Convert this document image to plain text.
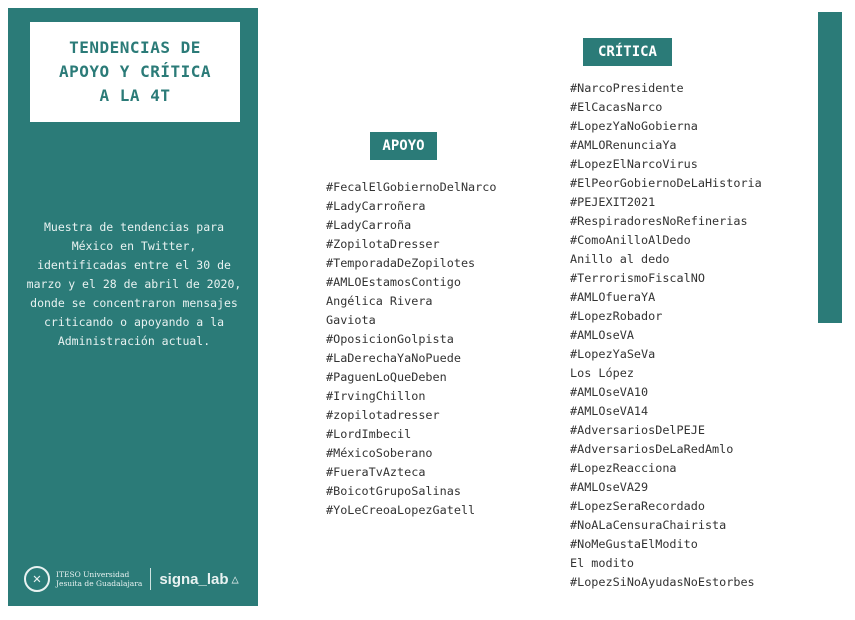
TENDENCIAS DE
APOYO Y CRÍTICA
A LA 4T
Muestra de tendencias para México en Twitter, identificadas entre el 30 de marzo y el 28 de abril de 2020, donde se concentraron mensajes criticando o apoyando a la Administración actual.
✕	ITESO Universidad
Jesuita de Guadalajara signa_lab △
APOYO
CRÍTICA
#FecalElGobiernoDelNarco
#LadyCarroñera
#LadyCarroña
#ZopilotaDresser
#TemporadaDeZopilotes
#AMLOEstamosContigo
Angélica Rivera
Gaviota
#OposicionGolpista
#LaDerechaYaNoPuede
#PaguenLoQueDeben
#IrvingChillon
#zopilotadresser
#LordImbecil
#MéxicoSoberano
#FueraTvAzteca
#BoicotGrupoSalinas
#YoLeCreoaLopezGatell
#NarcoPresidente
#ElCacasNarco
#LopezYaNoGobierna
#AMLORenunciaYa
#LopezElNarcoVirus
#ElPeorGobiernoDeLaHistoria
#PEJEXIT2021
#RespiradoresNoRefinerias
#ComoAnilloAlDedo
Anillo al dedo
#TerrorismoFiscalNO
#AMLOfueraYA
#LopezRobador
#AMLOseVA
#LopezYaSeVa
Los López
#AMLOseVA10
#AMLOseVA14
#AdversariosDelPEJE
#AdversariosDeLaRedAmlo
#LopezReacciona
#AMLOseVA29
#LopezSeraRecordado
#NoALaCensuraChairista
#NoMeGustaElModito
El modito
#LopezSiNoAyudasNoEstorbes
